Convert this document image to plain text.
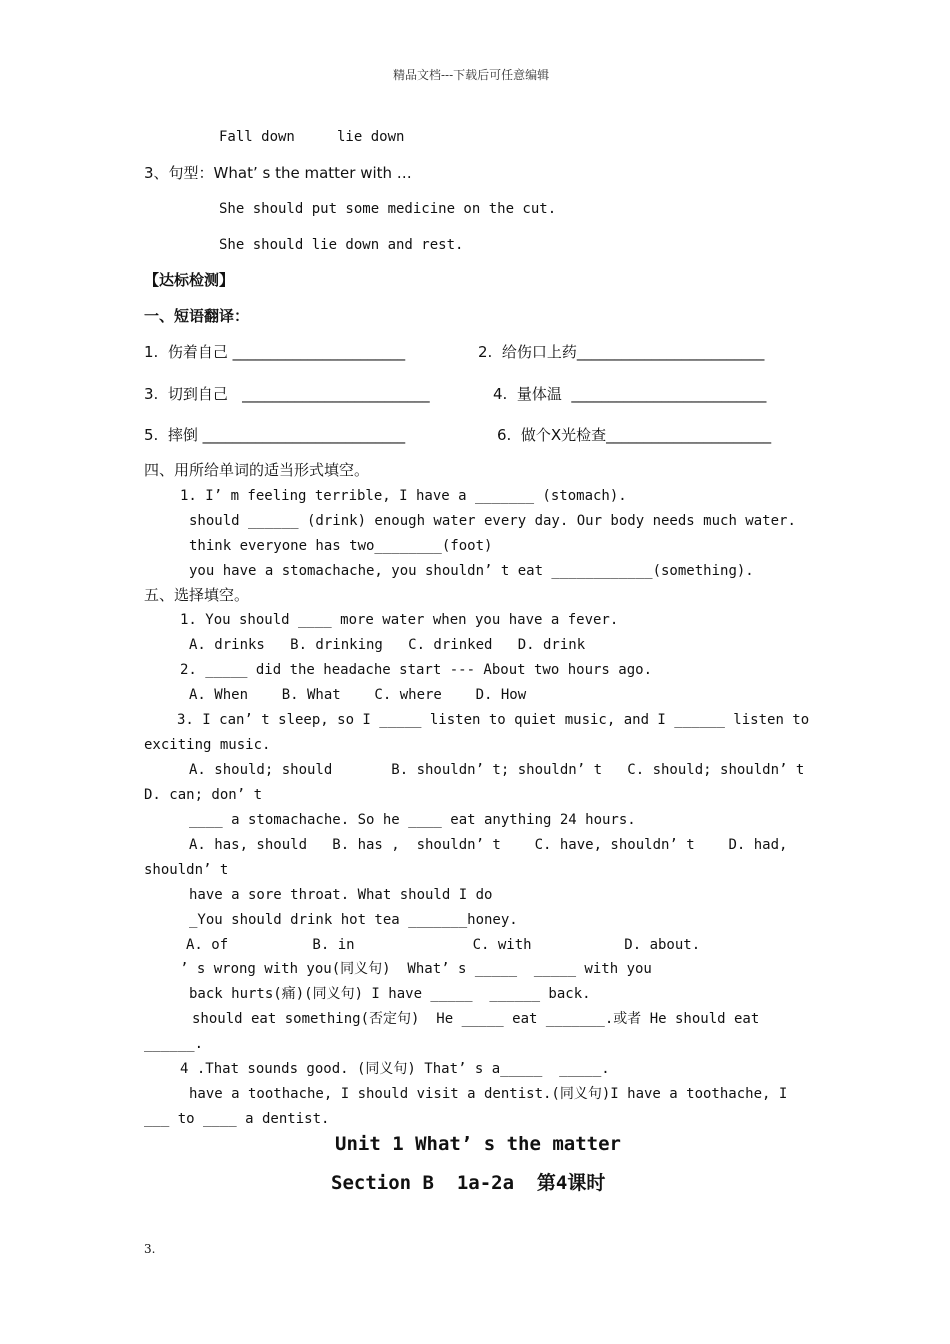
精品文档---下载后可任意编辑
Fall down     lie down
3、句型：What’ s the matter with …
She should put some medicine on the cut.
She should lie down and rest.
【达标检测】
一、短语翻译：
1.  伤着自己 _______________________	2.  给伤口上药_________________________
3.  切到自己   _________________________	4.  量体温  __________________________
5.  摔倒 ___________________________	6.  做个X光检查______________________
四、用所给单词的适当形式填空。
1. I’ m feeling terrible, I have a _______ (stomach).
should ______ (drink) enough water every day. Our body needs much water.
think everyone has two________(foot)
you have a stomachache, you shouldn’ t eat ____________(something).
五、选择填空。
1. You should ____ more water when you have a fever.
A. drinks   B. drinking   C. drinked   D. drink
2. _____ did the headache start --- About two hours ago.
A. When    B. What    C. where    D. How
3. I can’ t sleep, so I _____ listen to quiet music, and I ______ listen to
exciting music.
A. should; should       B. shouldn’ t; shouldn’ t   C. should; shouldn’ t
D. can; don’ t
____ a stomachache. So he ____ eat anything 24 hours.
A. has, should   B. has ,  shouldn’ t    C. have, shouldn’ t    D. had,
shouldn’ t
have a sore throat. What should I do
_You should drink hot tea _______honey.
A. of          B. in              C. with           D. about.
’ s wrong with you(同义句)  What’ s _____  _____ with you
back hurts(痛)(同义句) I have _____  ______ back.
should eat something(否定句)  He _____ eat _______.或者 He should eat
______.
4 .That sounds good. (同义句) That’ s a_____  _____.
have a toothache, I should visit a dentist.(同义句)I have a toothache, I
___ to ____ a dentist.
Unit 1 What’ s the matter
Section B  1a-2a  第4课时
3.
